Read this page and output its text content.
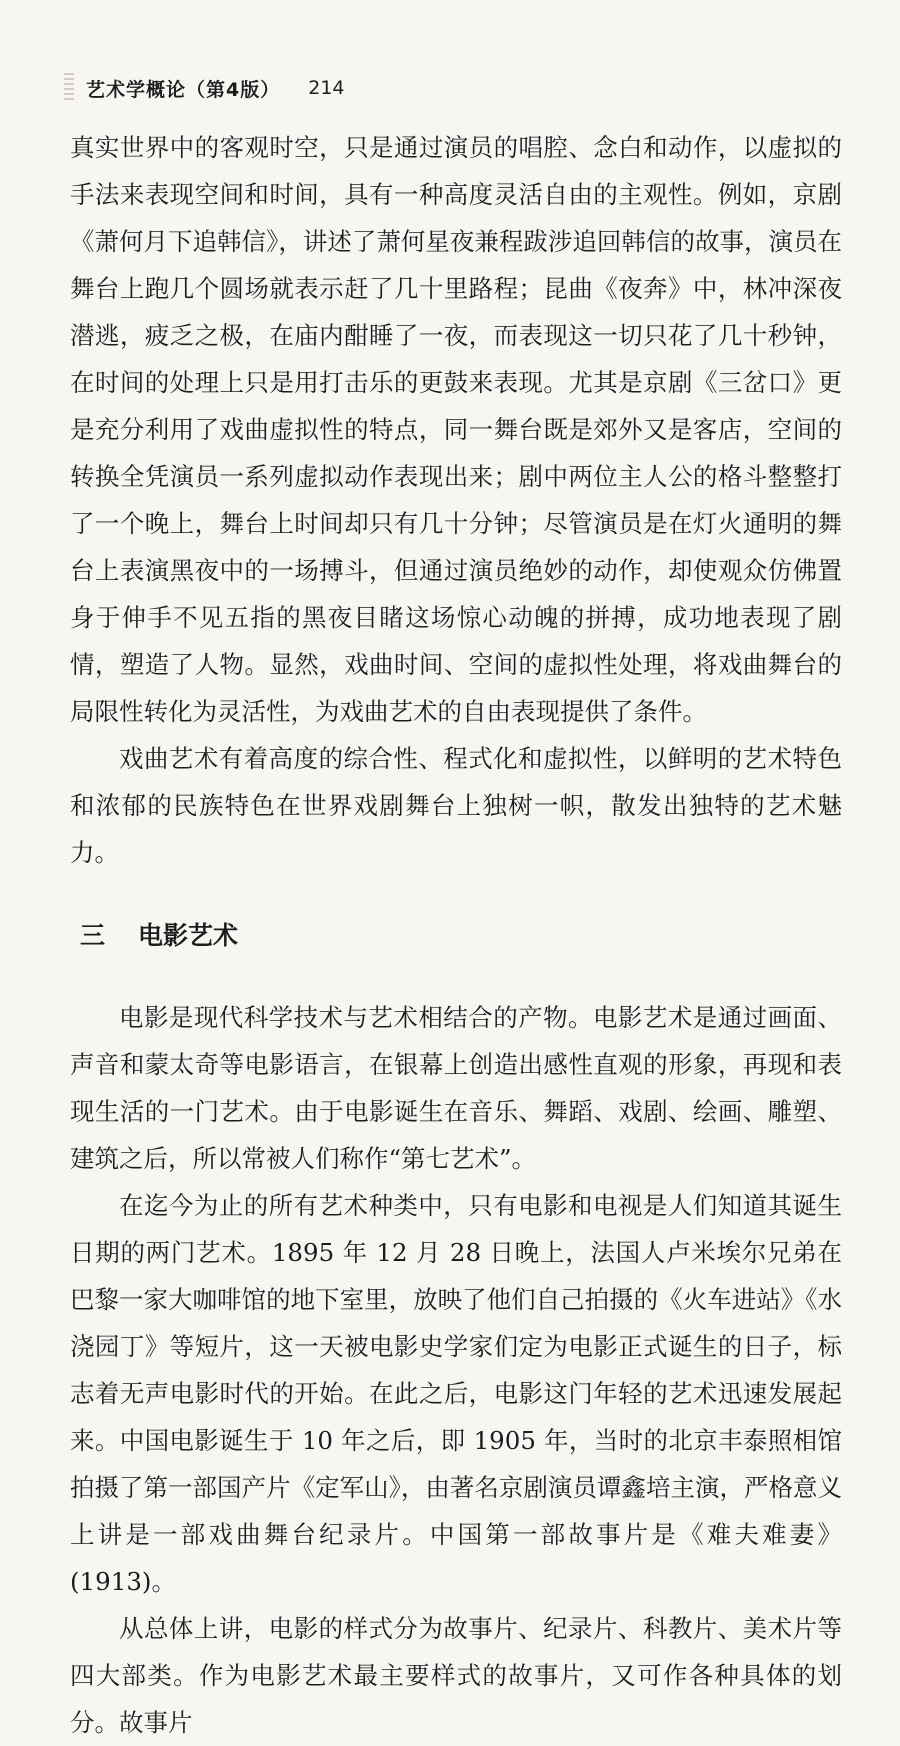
艺术学概论（第4版） 214

真实世界中的客观时空，只是通过演员的唱腔、念白和动作，以虚拟的手法来表现空间和时间，具有一种高度灵活自由的主观性。例如，京剧《萧何月下追韩信》，讲述了萧何星夜兼程跋涉追回韩信的故事，演员在舞台上跑几个圆场就表示赶了几十里路程；昆曲《夜奔》中，林冲深夜潜逃，疲乏之极，在庙内酣睡了一夜，而表现这一切只花了几十秒钟，在时间的处理上只是用打击乐的更鼓来表现。尤其是京剧《三岔口》更是充分利用了戏曲虚拟性的特点，同一舞台既是郊外又是客店，空间的转换全凭演员一系列虚拟动作表现出来；剧中两位主人公的格斗整整打了一个晚上，舞台上时间却只有几十分钟；尽管演员是在灯火通明的舞台上表演黑夜中的一场搏斗，但通过演员绝妙的动作，却使观众仿佛置身于伸手不见五指的黑夜目睹这场惊心动魄的拼搏，成功地表现了剧情，塑造了人物。显然，戏曲时间、空间的虚拟性处理，将戏曲舞台的局限性转化为灵活性，为戏曲艺术的自由表现提供了条件。

戏曲艺术有着高度的综合性、程式化和虚拟性，以鲜明的艺术特色和浓郁的民族特色在世界戏剧舞台上独树一帜，散发出独特的艺术魅力。

三 电影艺术

电影是现代科学技术与艺术相结合的产物。电影艺术是通过画面、声音和蒙太奇等电影语言，在银幕上创造出感性直观的形象，再现和表现生活的一门艺术。由于电影诞生在音乐、舞蹈、戏剧、绘画、雕塑、建筑之后，所以常被人们称作“第七艺术”。

在迄今为止的所有艺术种类中，只有电影和电视是人们知道其诞生日期的两门艺术。1895 年 12 月 28 日晚上，法国人卢米埃尔兄弟在巴黎一家大咖啡馆的地下室里，放映了他们自己拍摄的《火车进站》《水浇园丁》等短片，这一天被电影史学家们定为电影正式诞生的日子，标志着无声电影时代的开始。在此之后，电影这门年轻的艺术迅速发展起来。中国电影诞生于 10 年之后，即 1905 年，当时的北京丰泰照相馆拍摄了第一部国产片《定军山》，由著名京剧演员谭鑫培主演，严格意义上讲是一部戏曲舞台纪录片。中国第一部故事片是《难夫难妻》(1913)。

从总体上讲，电影的样式分为故事片、纪录片、科教片、美术片等四大部类。作为电影艺术最主要样式的故事片，又可作各种具体的划分。故事片
